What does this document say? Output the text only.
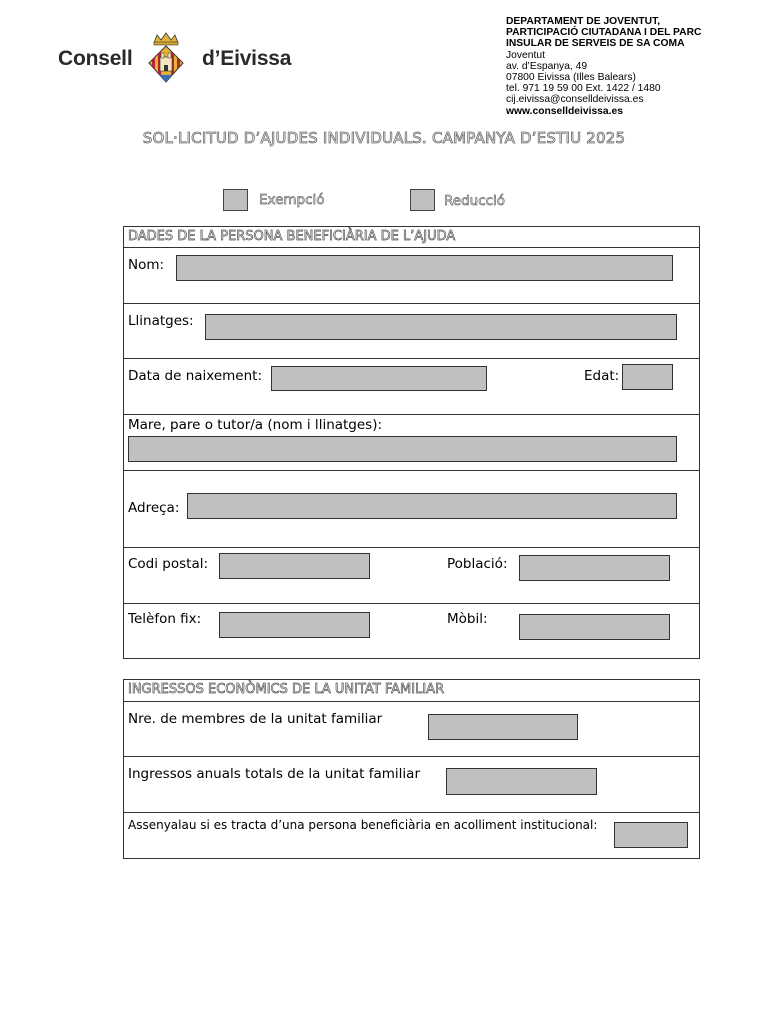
Consell	d’Eivissa
DEPARTAMENT DE JOVENTUT,
PARTICIPACIÓ CIUTADANA I DEL PARC
INSULAR DE SERVEIS DE SA COMA
Joventut
av. d’Espanya, 49
07800 Eivissa (Illes Balears)
tel. 971 19 59 00 Ext. 1422 / 1480
cij.eivissa@conselldeivissa.es
www.conselldeivissa.es
SOL·LICITUD D’AJUDES INDIVIDUALS. CAMPANYA D’ESTIU 2025
Exempció	Reducció
DADES DE LA PERSONA BENEFICIÀRIA DE L’AJUDA
Nom:
Llinatges:
Data de naixement:	Edat:
Mare, pare o tutor/a (nom i llinatges):
Adreça:
Codi postal:	Població:
Telèfon fix:	Mòbil:
INGRESSOS ECONÒMICS DE LA UNITAT FAMILIAR
Nre. de membres de la unitat familiar
Ingressos anuals totals de la unitat familiar
Assenyalau si es tracta d’una persona beneficiària en acolliment institucional:
